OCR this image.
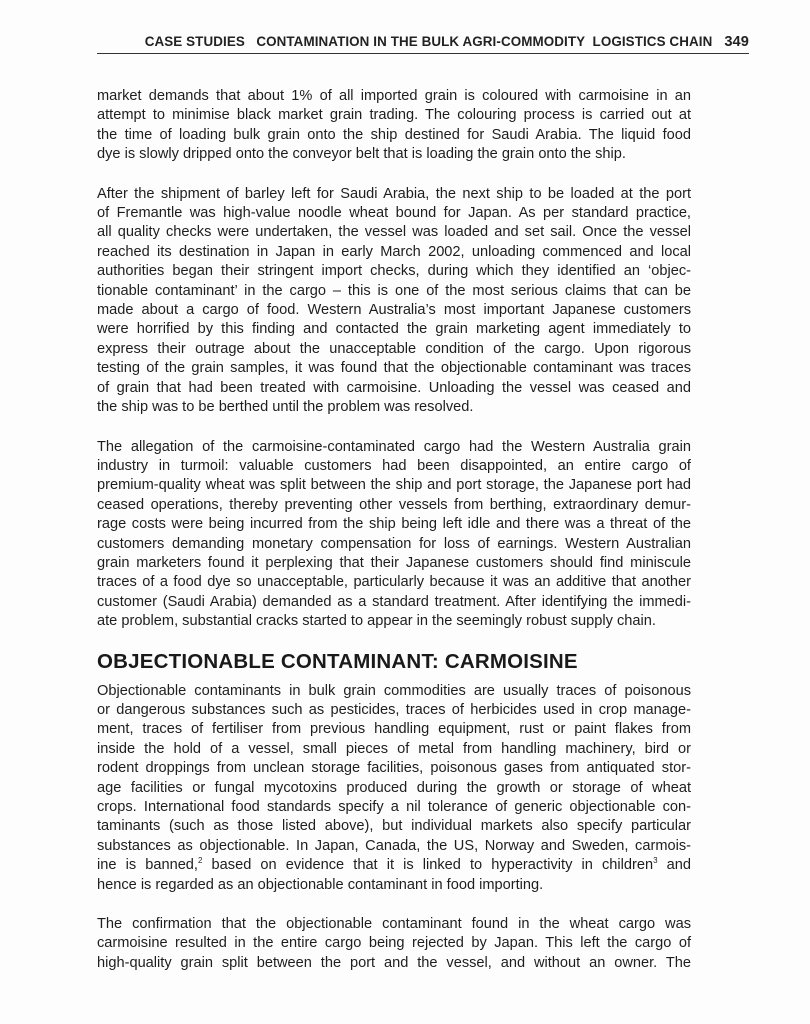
CASE STUDIES   CONTAMINATION IN THE BULK AGRI-COMMODITY  LOGISTICS CHAIN 349

market demands that about 1% of all imported grain is coloured with carmoisine in an
attempt to minimise black market grain trading. The colouring process is carried out at
the time of loading bulk grain onto the ship destined for Saudi Arabia. The liquid food
dye is slowly dripped onto the conveyor belt that is loading the grain onto the ship.

After the shipment of barley left for Saudi Arabia, the next ship to be loaded at the port
of Fremantle was high-value noodle wheat bound for Japan. As per standard practice,
all quality checks were undertaken, the vessel was loaded and set sail. Once the vessel
reached its destination in Japan in early March 2002, unloading commenced and local
authorities began their stringent import checks, during which they identified an ‘objec-
tionable contaminant’ in the cargo – this is one of the most serious claims that can be
made about a cargo of food. Western Australia’s most important Japanese customers
were horrified by this finding and contacted the grain marketing agent immediately to
express their outrage about the unacceptable condition of the cargo. Upon rigorous
testing of the grain samples, it was found that the objectionable contaminant was traces
of grain that had been treated with carmoisine. Unloading the vessel was ceased and
the ship was to be berthed until the problem was resolved.

The allegation of the carmoisine-contaminated cargo had the Western Australia grain
industry in turmoil: valuable customers had been disappointed, an entire cargo of
premium-quality wheat was split between the ship and port storage, the Japanese port had
ceased operations, thereby preventing other vessels from berthing, extraordinary demur-
rage costs were being incurred from the ship being left idle and there was a threat of the
customers demanding monetary compensation for loss of earnings. Western Australian
grain marketers found it perplexing that their Japanese customers should find miniscule
traces of a food dye so unacceptable, particularly because it was an additive that another
customer (Saudi Arabia) demanded as a standard treatment. After identifying the immedi-
ate problem, substantial cracks started to appear in the seemingly robust supply chain.

OBJECTIONABLE CONTAMINANT: CARMOISINE

Objectionable contaminants in bulk grain commodities are usually traces of poisonous
or dangerous substances such as pesticides, traces of herbicides used in crop manage-
ment, traces of fertiliser from previous handling equipment, rust or paint flakes from
inside the hold of a vessel, small pieces of metal from handling machinery, bird or
rodent droppings from unclean storage facilities, poisonous gases from antiquated stor-
age facilities or fungal mycotoxins produced during the growth or storage of wheat
crops. International food standards specify a nil tolerance of generic objectionable con-
taminants (such as those listed above), but individual markets also specify particular
substances as objectionable. In Japan, Canada, the US, Norway and Sweden, carmois-
ine is banned,$^2$ based on evidence that it is linked to hyperactivity in children$^3$ and
hence is regarded as an objectionable contaminant in food importing.

The confirmation that the objectionable contaminant found in the wheat cargo was
carmoisine resulted in the entire cargo being rejected by Japan. This left the cargo of
high-quality grain split between the port and the vessel, and without an owner. The
